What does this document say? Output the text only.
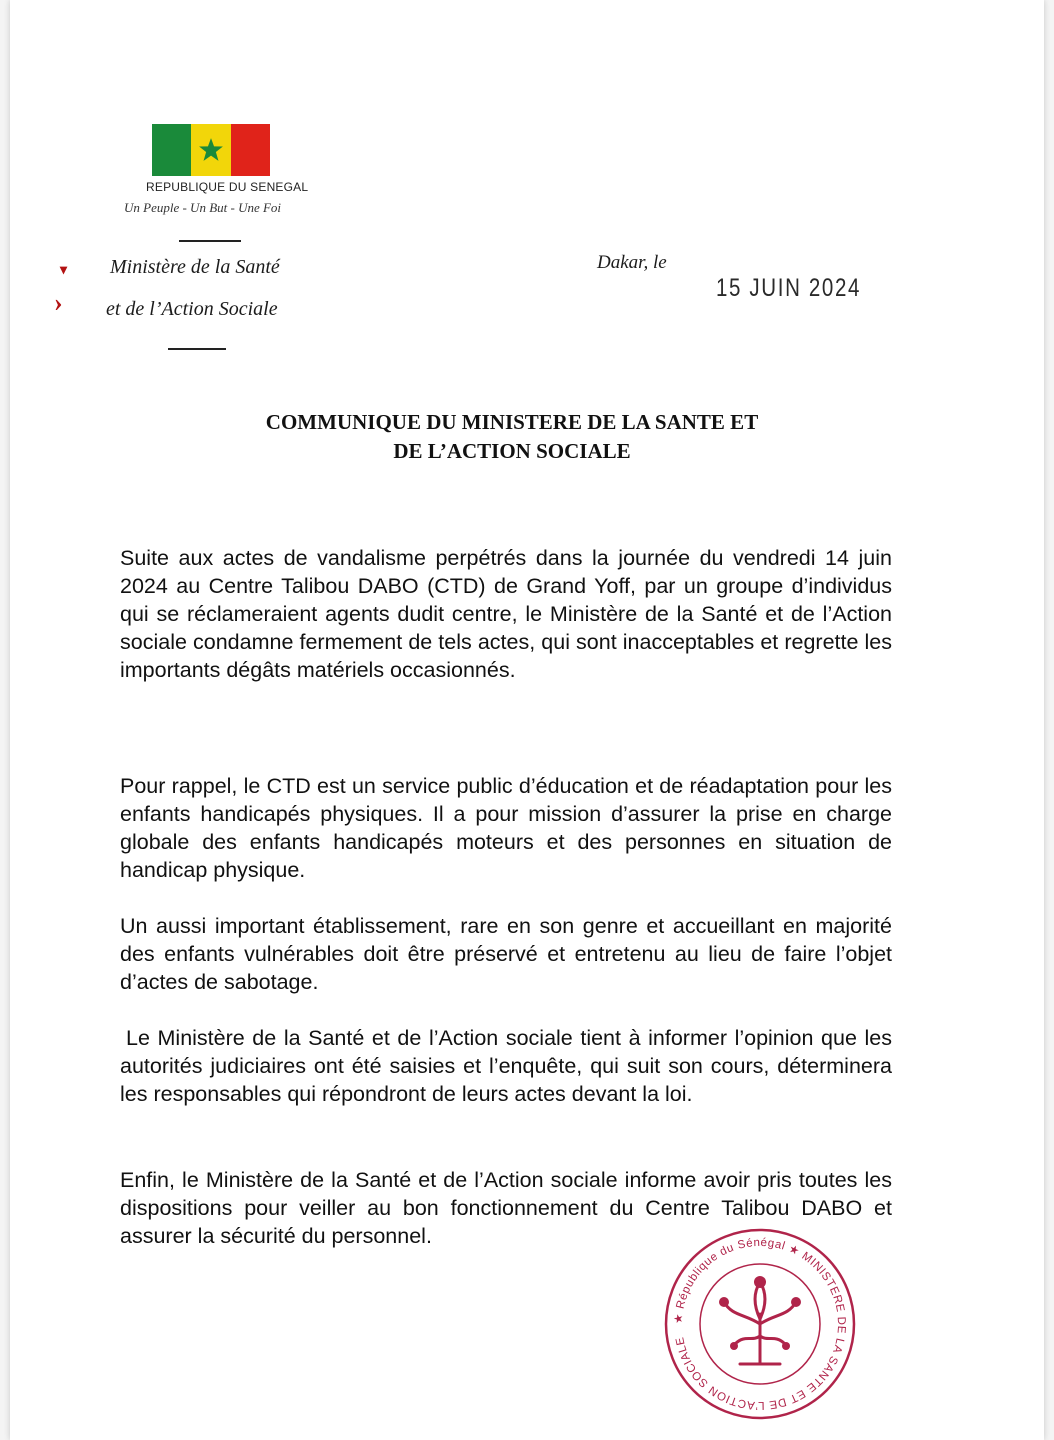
REPUBLIQUE DU SENEGAL
Un Peuple - Un But - Une Foi
▾
›
Ministère de la Santé
et de l’Action Sociale
Dakar, le
15 JUIN 2024
COMMUNIQUE DU MINISTERE DE LA SANTE ET
DE L’ACTION SOCIALE

Suite aux actes de vandalisme perpétrés dans la journée du vendredi 14 juin 2024 au Centre Talibou DABO (CTD) de Grand Yoff, par un groupe d’individus qui se réclameraient agents dudit centre, le Ministère de la Santé et de l’Action sociale condamne fermement de tels actes, qui sont inacceptables et regrette les importants dégâts matériels occasionnés.

Pour rappel, le CTD est un service public d’éducation et de réadaptation pour les enfants handicapés physiques. Il a pour mission d’assurer la prise en charge globale des enfants handicapés moteurs et des personnes en situation de handicap physique.

Un aussi important établissement, rare en son genre et accueillant en majorité des enfants vulnérables doit être préservé et entretenu au lieu de faire l’objet d’actes de sabotage.

Le Ministère de la Santé et de l’Action sociale tient à informer l’opinion que les autorités judiciaires ont été saisies et l’enquête, qui suit son cours, déterminera les responsables qui répondront de leurs actes devant la loi.

Enfin, le Ministère de la Santé et de l’Action sociale informe avoir pris toutes les dispositions pour veiller au bon fonctionnement du Centre Talibou DABO et assurer la sécurité du personnel.

★ République du Sénégal ★ MINISTERE DE LA SANTE ET DE L’ACTION SOCIALE
